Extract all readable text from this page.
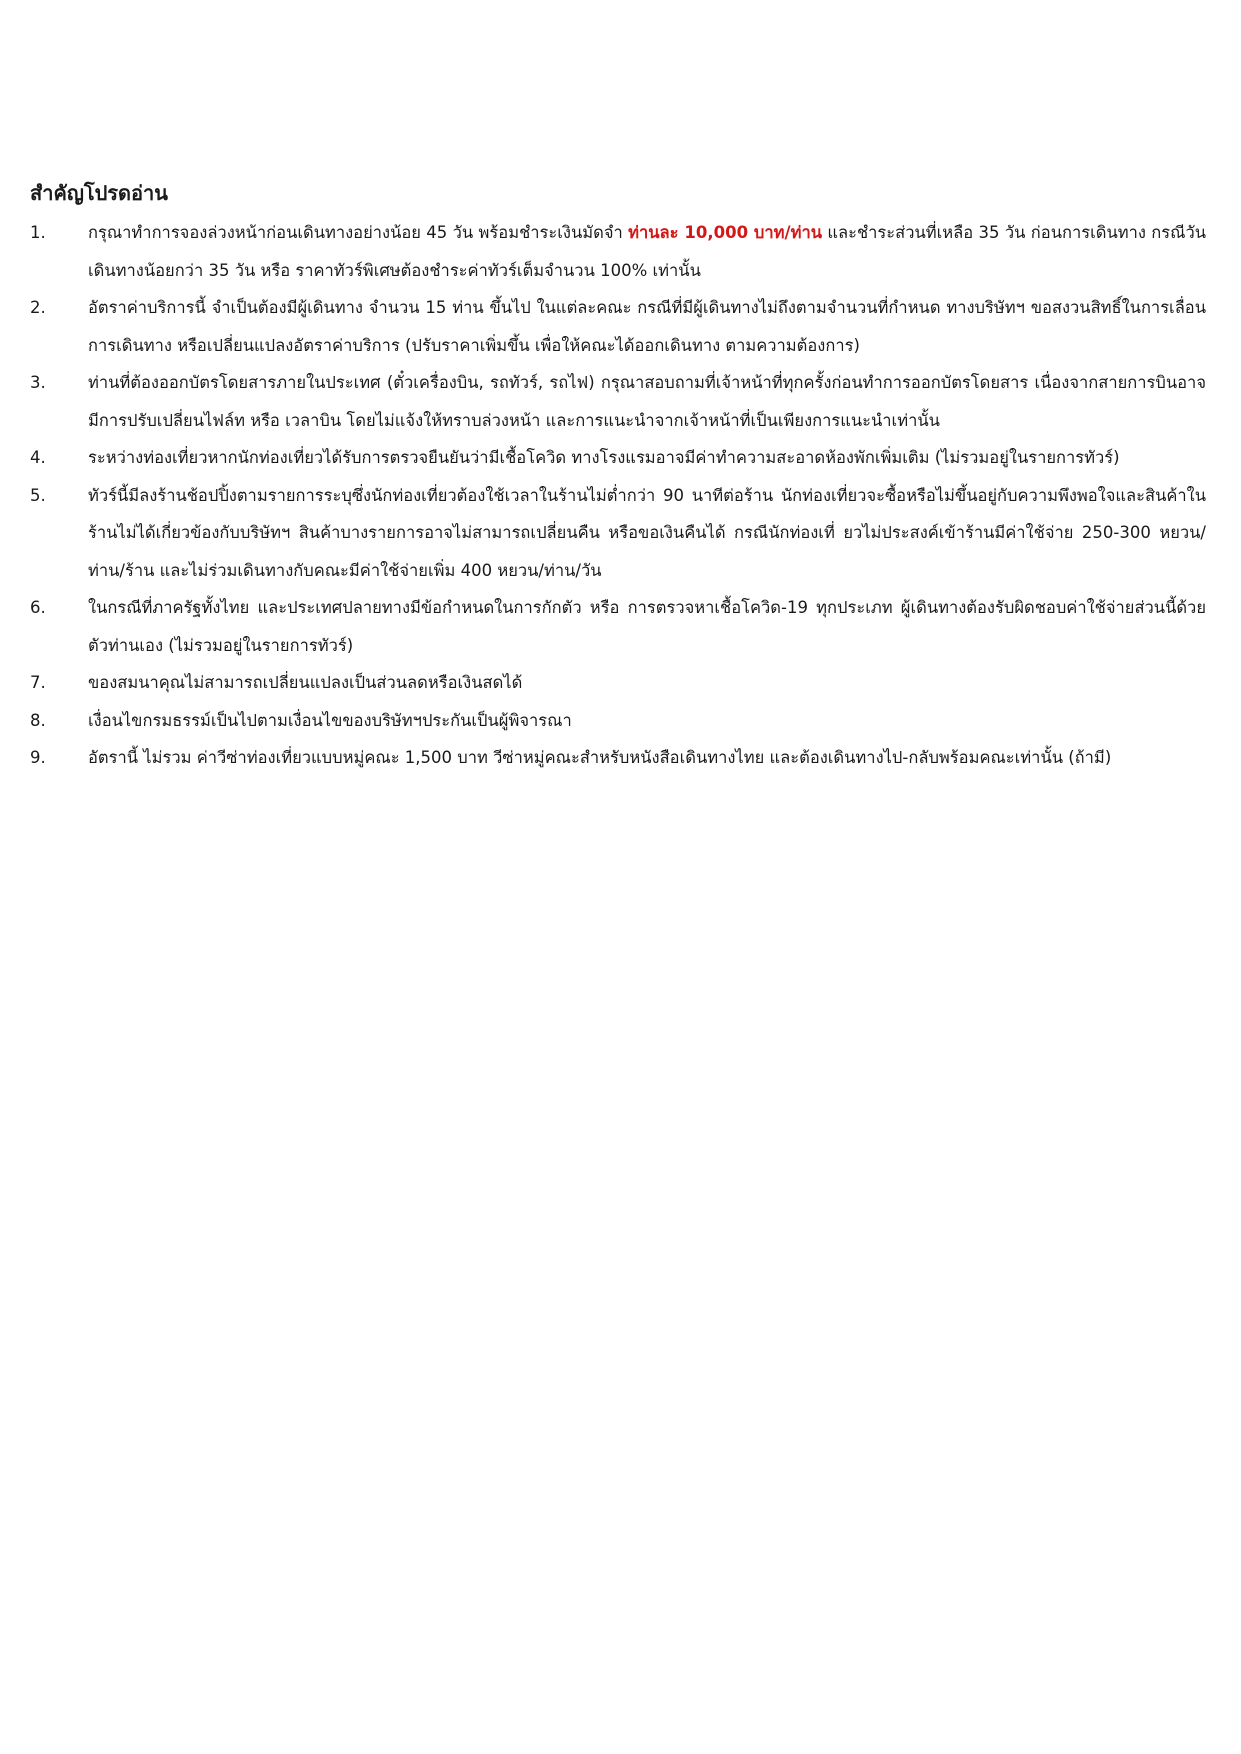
สำคัญโปรดอ่าน
1.	กรุณาทำการจองล่วงหน้าก่อนเดินทางอย่างน้อย 45 วัน พร้อมชำระเงินมัดจำ ท่านละ 10,000 บาท/ท่าน และชำระส่วนที่เหลือ 35 วัน ก่อนการเดินทาง กรณีวันเดินทางน้อยกว่า 35 วัน หรือ ราคาทัวร์พิเศษต้องชำระค่าทัวร์เต็มจำนวน 100% เท่านั้น
2.	อัตราค่าบริการนี้ จำเป็นต้องมีผู้เดินทาง จำนวน 15 ท่าน ขึ้นไป ในแต่ละคณะ กรณีที่มีผู้เดินทางไม่ถึงตามจำนวนที่กำหนด ทางบริษัทฯ ขอสงวนสิทธิ์ในการเลื่อนการเดินทาง หรือเปลี่ยนแปลงอัตราค่าบริการ (ปรับราคาเพิ่มขึ้น เพื่อให้คณะได้ออกเดินทาง ตามความต้องการ)
3.	ท่านที่ต้องออกบัตรโดยสารภายในประเทศ (ตั๋วเครื่องบิน, รถทัวร์, รถไฟ) กรุณาสอบถามที่เจ้าหน้าที่ทุกครั้งก่อนทำการออกบัตรโดยสาร เนื่องจากสายการบินอาจมีการปรับเปลี่ยนไฟล์ท หรือ เวลาบิน โดยไม่แจ้งให้ทราบล่วงหน้า และการแนะนำจากเจ้าหน้าที่เป็นเพียงการแนะนำเท่านั้น
4.	ระหว่างท่องเที่ยวหากนักท่องเที่ยวได้รับการตรวจยืนยันว่ามีเชื้อโควิด ทางโรงแรมอาจมีค่าทำความสะอาดห้องพักเพิ่มเติม (ไม่รวมอยู่ในรายการทัวร์)
5.	ทัวร์นี้มีลงร้านช้อปปิ้งตามรายการระบุซึ่งนักท่องเที่ยวต้องใช้เวลาในร้านไม่ต่ำกว่า 90 นาทีต่อร้าน นักท่องเที่ยวจะซื้อหรือไม่ขึ้นอยู่กับความพึงพอใจและสินค้าในร้านไม่ได้เกี่ยวข้องกับบริษัทฯ สินค้าบางรายการอาจไม่สามารถเปลี่ยนคืน หรือขอเงินคืนได้ กรณีนักท่องเที่ ยวไม่ประสงค์เข้าร้านมีค่าใช้จ่าย 250-300 หยวน/ท่าน/ร้าน และไม่ร่วมเดินทางกับคณะมีค่าใช้จ่ายเพิ่ม 400 หยวน/ท่าน/วัน
6.	ในกรณีที่ภาครัฐทั้งไทย และประเทศปลายทางมีข้อกำหนดในการกักตัว หรือ การตรวจหาเชื้อโควิด-19 ทุกประเภท ผู้เดินทางต้องรับผิดชอบค่าใช้จ่ายส่วนนี้ด้วยตัวท่านเอง (ไม่รวมอยู่ในรายการทัวร์)
7.	ของสมนาคุณไม่สามารถเปลี่ยนแปลงเป็นส่วนลดหรือเงินสดได้
8.	เงื่อนไขกรมธรรม์เป็นไปตามเงื่อนไขของบริษัทฯประกันเป็นผู้พิจารณา
9.	อัตรานี้ ไม่รวม ค่าวีซ่าท่องเที่ยวแบบหมู่คณะ 1,500 บาท วีซ่าหมู่คณะสำหรับหนังสือเดินทางไทย และต้องเดินทางไป-กลับพร้อมคณะเท่านั้น (ถ้ามี)
